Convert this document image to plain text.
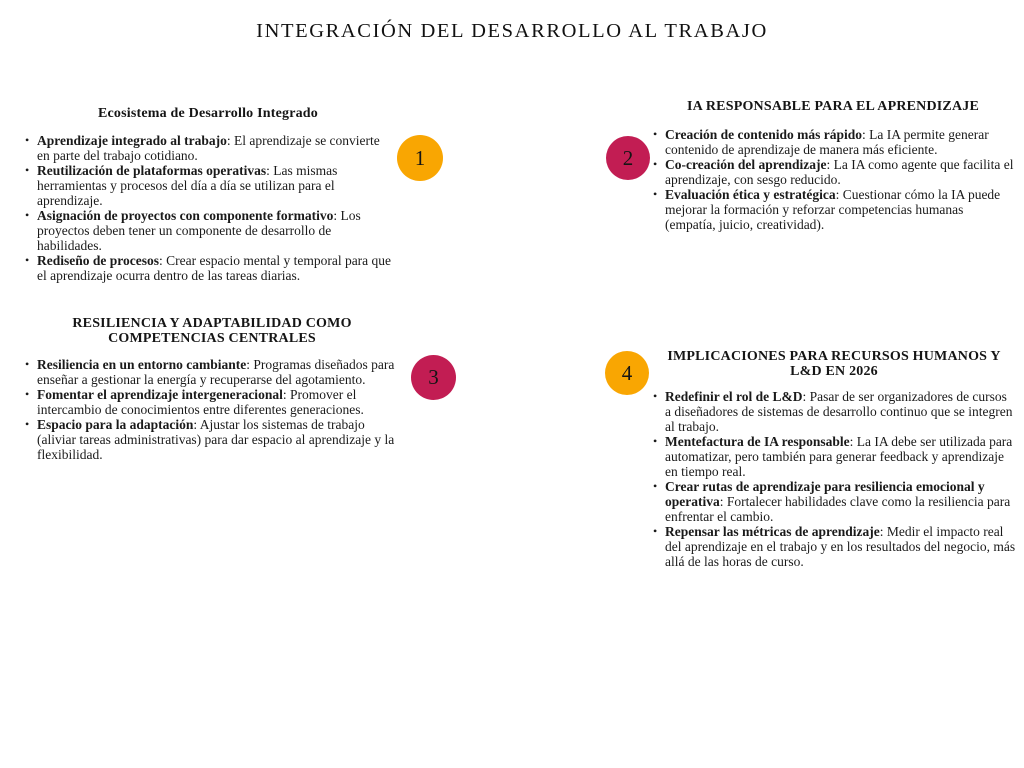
INTEGRACIÓN DEL DESARROLLO AL TRABAJO
Ecosistema de Desarrollo Integrado
• Aprendizaje integrado al trabajo: El aprendizaje se convierte en parte del trabajo cotidiano.
• Reutilización de plataformas operativas: Las mismas herramientas y procesos del día a día se utilizan para el aprendizaje.
• Asignación de proyectos con componente formativo: Los proyectos deben tener un componente de desarrollo de habilidades.
• Rediseño de procesos: Crear espacio mental y temporal para que el aprendizaje ocurra dentro de las tareas diarias.
IA RESPONSABLE PARA EL APRENDIZAJE
• Creación de contenido más rápido: La IA permite generar contenido de aprendizaje de manera más eficiente.
• Co-creación del aprendizaje: La IA como agente que facilita el aprendizaje, con sesgo reducido.
• Evaluación ética y estratégica: Cuestionar cómo la IA puede mejorar la formación y reforzar competencias humanas (empatía, juicio, creatividad).
RESILIENCIA Y ADAPTABILIDAD COMO COMPETENCIAS CENTRALES
• Resiliencia en un entorno cambiante: Programas diseñados para enseñar a gestionar la energía y recuperarse del agotamiento.
• Fomentar el aprendizaje intergeneracional: Promover el intercambio de conocimientos entre diferentes generaciones.
• Espacio para la adaptación: Ajustar los sistemas de trabajo (aliviar tareas administrativas) para dar espacio al aprendizaje y la flexibilidad.
IMPLICACIONES PARA RECURSOS HUMANOS Y L&D EN 2026
• Redefinir el rol de L&D: Pasar de ser organizadores de cursos a diseñadores de sistemas de desarrollo continuo que se integren al trabajo.
• Mentefactura de IA responsable: La IA debe ser utilizada para automatizar, pero también para generar feedback y aprendizaje en tiempo real.
• Crear rutas de aprendizaje para resiliencia emocional y operativa: Fortalecer habilidades clave como la resiliencia para enfrentar el cambio.
• Repensar las métricas de aprendizaje: Medir el impacto real del aprendizaje en el trabajo y en los resultados del negocio, más allá de las horas de curso.
1	2
3	4
